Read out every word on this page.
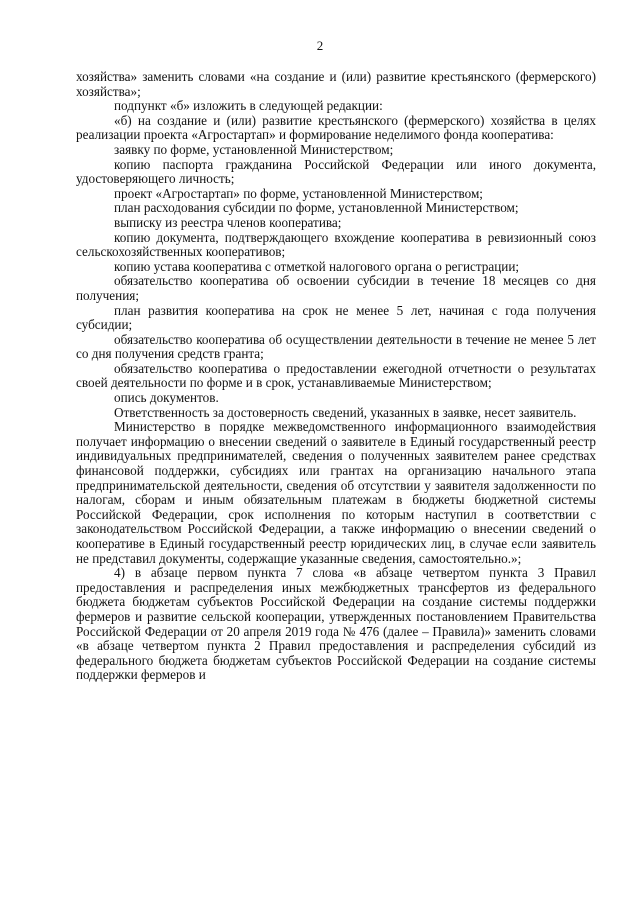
2

хозяйства» заменить словами «на создание и (или) развитие крестьянского (фермерского) хозяйства»;

подпункт «б» изложить в следующей редакции:

«б) на создание и (или) развитие крестьянского (фермерского) хозяйства в целях реализации проекта «Агростартап» и формирование неделимого фонда кооператива:

заявку по форме, установленной Министерством;

копию паспорта гражданина Российской Федерации или иного документа, удостоверяющего личность;

проект «Агростартап» по форме, установленной Министерством;

план расходования субсидии по форме, установленной Министерством;

выписку из реестра членов кооператива;

копию документа, подтверждающего вхождение кооператива в ревизионный союз сельскохозяйственных кооперативов;

копию устава кооператива с отметкой налогового органа о регистрации;

обязательство кооператива об освоении субсидии в течение 18 месяцев со дня получения;

план развития кооператива на срок не менее 5 лет, начиная с года получения субсидии;

обязательство кооператива об осуществлении деятельности в течение не менее 5 лет со дня получения средств гранта;

обязательство кооператива о предоставлении ежегодной отчетности о результатах своей деятельности по форме и в срок, устанавливаемые Министерством;

опись документов.

Ответственность за достоверность сведений, указанных в заявке, несет заявитель.

Министерство в порядке межведомственного информационного взаимодействия получает информацию о внесении сведений о заявителе в Единый государственный реестр индивидуальных предпринимателей, сведения о полученных заявителем ранее средствах финансовой поддержки, субсидиях или грантах на организацию начального этапа предпринимательской деятельности, сведения об отсутствии у заявителя задолженности по налогам, сборам и иным обязательным платежам в бюджеты бюджетной системы Российской Федерации, срок исполнения по которым наступил в соответствии с законодательством Российской Федерации, а также информацию о внесении сведений о кооперативе в Единый государственный реестр юридических лиц, в случае если заявитель не представил документы, содержащие указанные сведения, самостоятельно.»;

4) в абзаце первом пункта 7 слова «в абзаце четвертом пункта 3 Правил предоставления и распределения иных межбюджетных трансфертов из федерального бюджета бюджетам субъектов Российской Федерации на создание системы поддержки фермеров и развитие сельской кооперации, утвержденных постановлением Правительства Российской Федерации от 20 апреля 2019 года № 476 (далее – Правила)» заменить словами «в абзаце четвертом пункта 2 Правил предоставления и распределения субсидий из федерального бюджета бюджетам субъектов Российской Федерации на создание системы поддержки фермеров и
